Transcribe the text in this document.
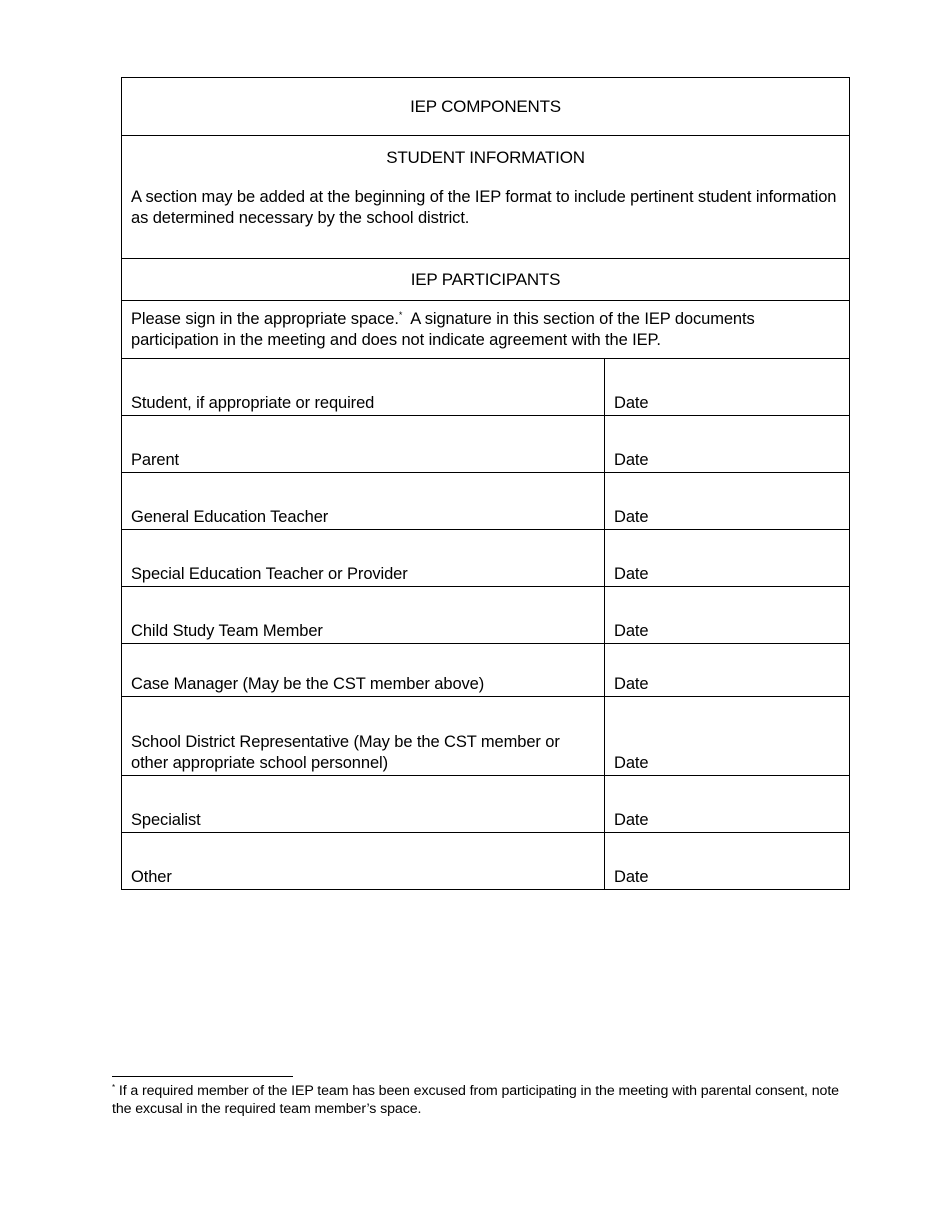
IEP COMPONENTS	

STUDENT INFORMATION
A section may be added at the beginning of the IEP format to include pertinent student information as determined necessary by the school district.	

IEP PARTICIPANTS	
Please sign in the appropriate space.* A signature in this section of the IEP documents participation in the meeting and does not indicate agreement with the IEP.	

Student, if appropriate or required	Date

Parent	Date

General Education Teacher	Date

Special Education Teacher or Provider	Date

Child Study Team Member	Date

Case Manager (May be the CST member above)	Date

School District Representative (May be the CST member or other appropriate school personnel)	Date

Specialist	Date

Other	Date
* If a required member of the IEP team has been excused from participating in the meeting with parental consent, note the excusal in the required team member’s space.
